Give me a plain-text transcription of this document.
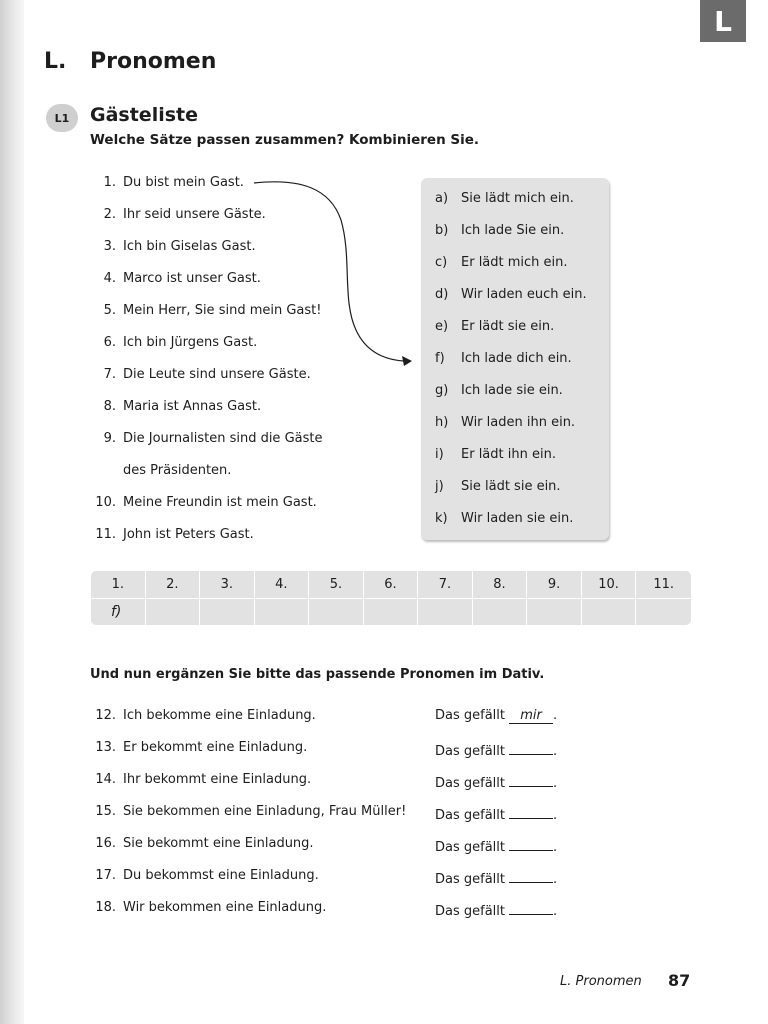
L
L. Pronomen
L1	Gästeliste
Welche Sätze passen zusammen? Kombinieren Sie.
1. Du bist mein Gast.
2. Ihr seid unsere Gäste.
3. Ich bin Giselas Gast.
4. Marco ist unser Gast.
5. Mein Herr, Sie sind mein Gast!
6. Ich bin Jürgens Gast.
7. Die Leute sind unsere Gäste.
8. Maria ist Annas Gast.
9. Die Journalisten sind die Gäste
des Präsidenten.
10. Meine Freundin ist mein Gast.
11. John ist Peters Gast.
a) Sie lädt mich ein.
b) Ich lade Sie ein.
c) Er lädt mich ein.
d) Wir laden euch ein.
e) Er lädt sie ein.
f) Ich lade dich ein.
g) Ich lade sie ein.
h) Wir laden ihn ein.
i) Er lädt ihn ein.
j) Sie lädt sie ein.
k) Wir laden sie ein.
1.	2.	3.	4.	5.	6.	7.	8.	9.	10.	11.
f)										
Und nun ergänzen Sie bitte das passende Pronomen im Dativ.
12. Ich bekomme eine Einladung.	Das gefällt mir .
13. Er bekommt eine Einladung.	Das gefällt	.
14. Ihr bekommt eine Einladung.	Das gefällt	.
15. Sie bekommen eine Einladung, Frau Müller! Das gefällt	.
16. Sie bekommt eine Einladung.	Das gefällt	.
17. Du bekommst eine Einladung.	Das gefällt	.
18. Wir bekommen eine Einladung.	Das gefällt	.
L. Pronomen 87
